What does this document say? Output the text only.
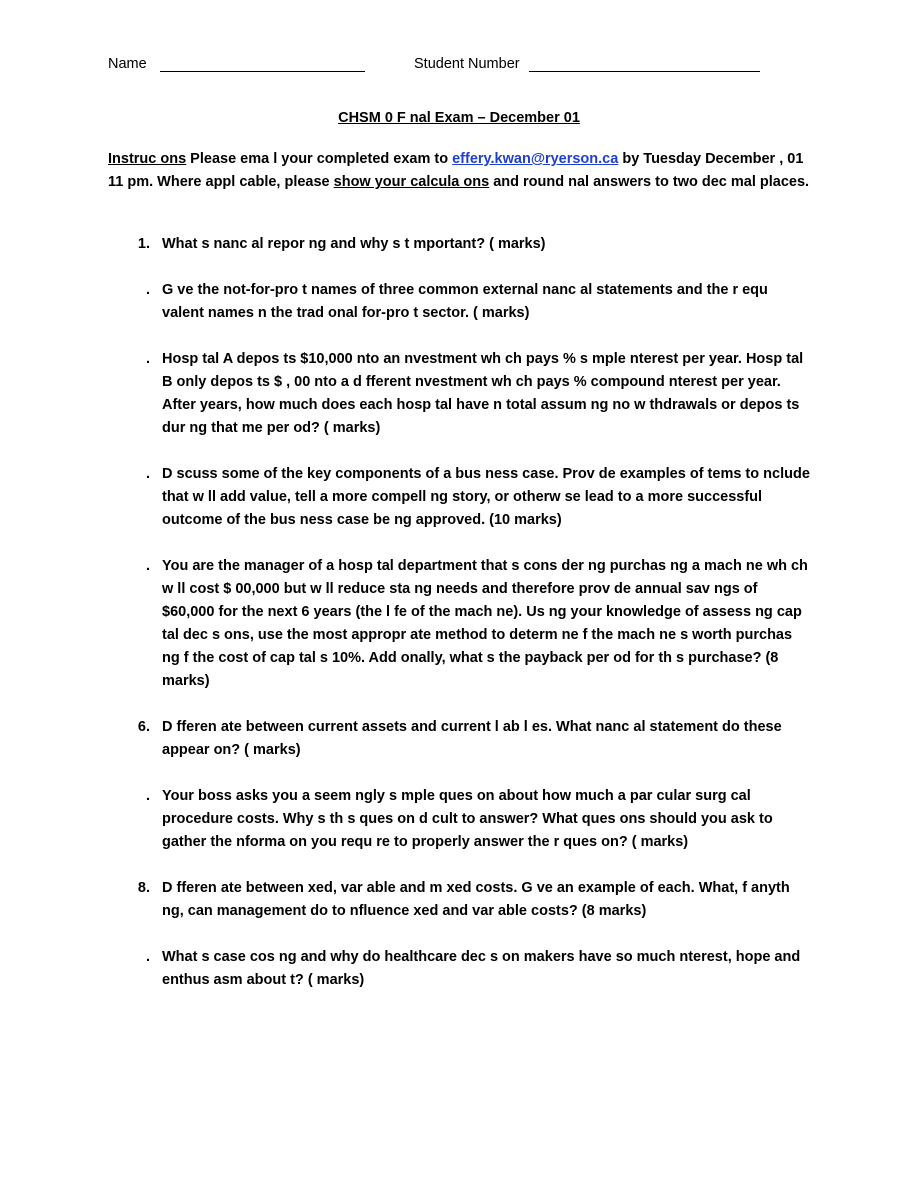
Name	Student Number
CHSM 0 F nal Exam – December 01
Instruc ons Please ema l your completed exam to effery.kwan@ryerson.ca by Tuesday December , 01 11 pm. Where appl cable, please show your calcula ons and round nal answers to two dec mal places.
1. What s nanc al repor ng and why s t mportant? ( marks)
. G ve the not-for-pro t names of three common external nanc al statements and the r equ valent names n the trad onal for-pro t sector. ( marks)
. Hosp tal A depos ts $10,000 nto an nvestment wh ch pays % s mple nterest per year. Hosp tal B only depos ts $ , 00 nto a d fferent nvestment wh ch pays % compound nterest per year. After years, how much does each hosp tal have n total assum ng no w thdrawals or depos ts dur ng that me per od? ( marks)
. D scuss some of the key components of a bus ness case. Prov de examples of tems to nclude that w ll add value, tell a more compell ng story, or otherw se lead to a more successful outcome of the bus ness case be ng approved. (10 marks)
. You are the manager of a hosp tal department that s cons der ng purchas ng a mach ne wh ch w ll cost $ 00,000 but w ll reduce sta ng needs and therefore prov de annual sav ngs of $60,000 for the next 6 years (the l fe of the mach ne). Us ng your knowledge of assess ng cap tal dec s ons, use the most appropr ate method to determ ne f the mach ne s worth purchas ng f the cost of cap tal s 10%. Add onally, what s the payback per od for th s purchase? (8 marks)
6. D fferen ate between current assets and current l ab l es. What nanc al statement do these appear on? ( marks)
. Your boss asks you a seem ngly s mple ques on about how much a par cular surg cal procedure costs. Why s th s ques on d cult to answer? What ques ons should you ask to gather the nforma on you requ re to properly answer the r ques on? ( marks)
8. D fferen ate between xed, var able and m xed costs. G ve an example of each. What, f anyth ng, can management do to nfluence xed and var able costs? (8 marks)
. What s case cos ng and why do healthcare dec s on makers have so much nterest, hope and enthus asm about t? ( marks)
